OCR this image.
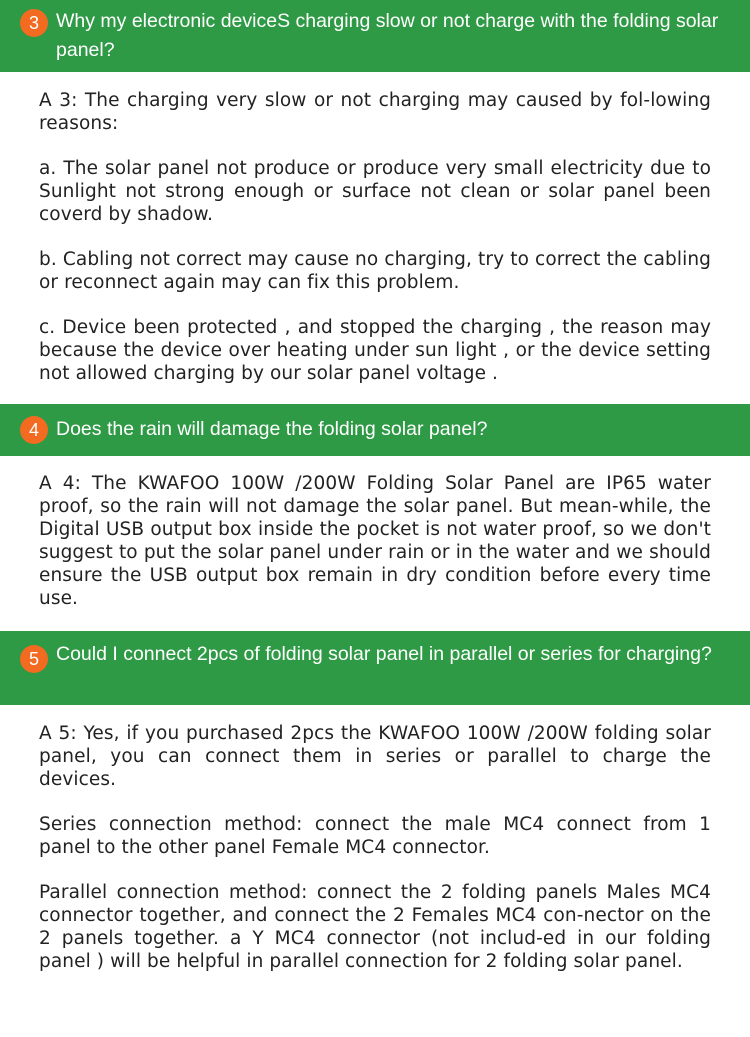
3 Why my electronic deviceS charging slow or not charge with the folding solar panel?

A 3: The charging very slow or not charging may caused by fol-lowing reasons:

a. The solar panel not produce or produce very small electricity due to Sunlight not strong enough or surface not clean or solar panel been coverd by shadow.

b. Cabling not correct may cause no charging, try to correct the cabling or reconnect again may can fix this problem.

c. Device been protected , and stopped the charging , the reason may because the device over heating under sun light , or the device setting not allowed charging by our solar panel voltage .

4 Does the rain will damage the folding solar panel?

A 4: The KWAFOO 100W /200W Folding Solar Panel are IP65 water proof, so the rain will not damage the solar panel. But mean-while, the Digital USB output box inside the pocket is not water proof, so we don't suggest to put the solar panel under rain or in the water and we should ensure the USB output box remain in dry condition before every time use.

5 Could I connect 2pcs of folding solar panel in parallel or series for charging?

A 5: Yes, if you purchased 2pcs the KWAFOO 100W /200W folding solar panel, you can connect them in series or parallel to charge the devices.

Series connection method: connect the male MC4 connect from 1 panel to the other panel Female MC4 connector.

Parallel connection method: connect the 2 folding panels Males MC4 connector together, and connect the 2 Females MC4 con-nector on the 2 panels together. a Y MC4 connector (not includ-ed in our folding panel ) will be helpful in parallel connection for 2 folding solar panel.
